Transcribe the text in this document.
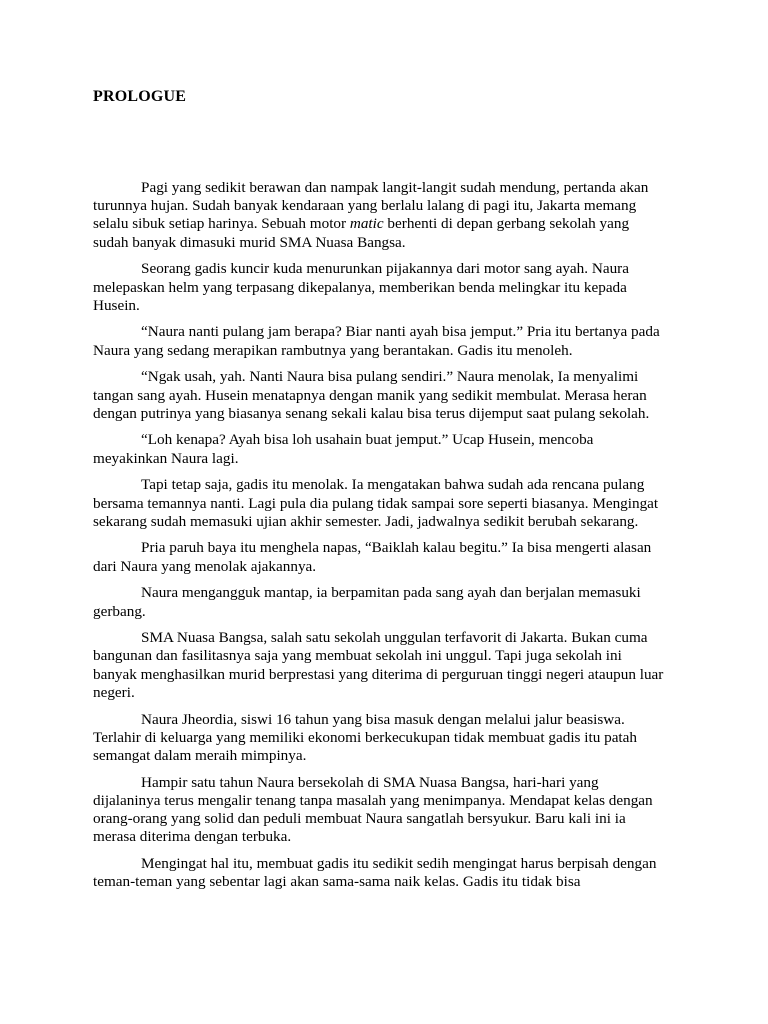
PROLOGUE

Pagi yang sedikit berawan dan nampak langit-langit sudah mendung, pertanda akan turunnya hujan. Sudah banyak kendaraan yang berlalu lalang di pagi itu, Jakarta memang selalu sibuk setiap harinya. Sebuah motor matic berhenti di depan gerbang sekolah yang sudah banyak dimasuki murid SMA Nuasa Bangsa.

Seorang gadis kuncir kuda menurunkan pijakannya dari motor sang ayah. Naura melepaskan helm yang terpasang dikepalanya, memberikan benda melingkar itu kepada Husein.

“Naura nanti pulang jam berapa? Biar nanti ayah bisa jemput.” Pria itu bertanya pada Naura yang sedang merapikan rambutnya yang berantakan. Gadis itu menoleh.

“Ngak usah, yah. Nanti Naura bisa pulang sendiri.” Naura menolak, Ia menyalimi tangan sang ayah. Husein menatapnya dengan manik yang sedikit membulat. Merasa heran dengan putrinya yang biasanya senang sekali kalau bisa terus dijemput saat pulang sekolah.

“Loh kenapa? Ayah bisa loh usahain buat jemput.” Ucap Husein, mencoba meyakinkan Naura lagi.

Tapi tetap saja, gadis itu menolak. Ia mengatakan bahwa sudah ada rencana pulang bersama temannya nanti. Lagi pula dia pulang tidak sampai sore seperti biasanya. Mengingat sekarang sudah memasuki ujian akhir semester. Jadi, jadwalnya sedikit berubah sekarang.

Pria paruh baya itu menghela napas, “Baiklah kalau begitu.” Ia bisa mengerti alasan dari Naura yang menolak ajakannya.

Naura mengangguk mantap, ia berpamitan pada sang ayah dan berjalan memasuki gerbang.

SMA Nuasa Bangsa, salah satu sekolah unggulan terfavorit di Jakarta. Bukan cuma bangunan dan fasilitasnya saja yang membuat sekolah ini unggul. Tapi juga sekolah ini banyak menghasilkan murid berprestasi yang diterima di perguruan tinggi negeri ataupun luar negeri.

Naura Jheordia, siswi 16 tahun yang bisa masuk dengan melalui jalur beasiswa. Terlahir di keluarga yang memiliki ekonomi berkecukupan tidak membuat gadis itu patah semangat dalam meraih mimpinya.

Hampir satu tahun Naura bersekolah di SMA Nuasa Bangsa, hari-hari yang dijalaninya terus mengalir tenang tanpa masalah yang menimpanya. Mendapat kelas dengan orang-orang yang solid dan peduli membuat Naura sangatlah bersyukur. Baru kali ini ia merasa diterima dengan terbuka.

Mengingat hal itu, membuat gadis itu sedikit sedih mengingat harus berpisah dengan teman-teman yang sebentar lagi akan sama-sama naik kelas. Gadis itu tidak bisa
